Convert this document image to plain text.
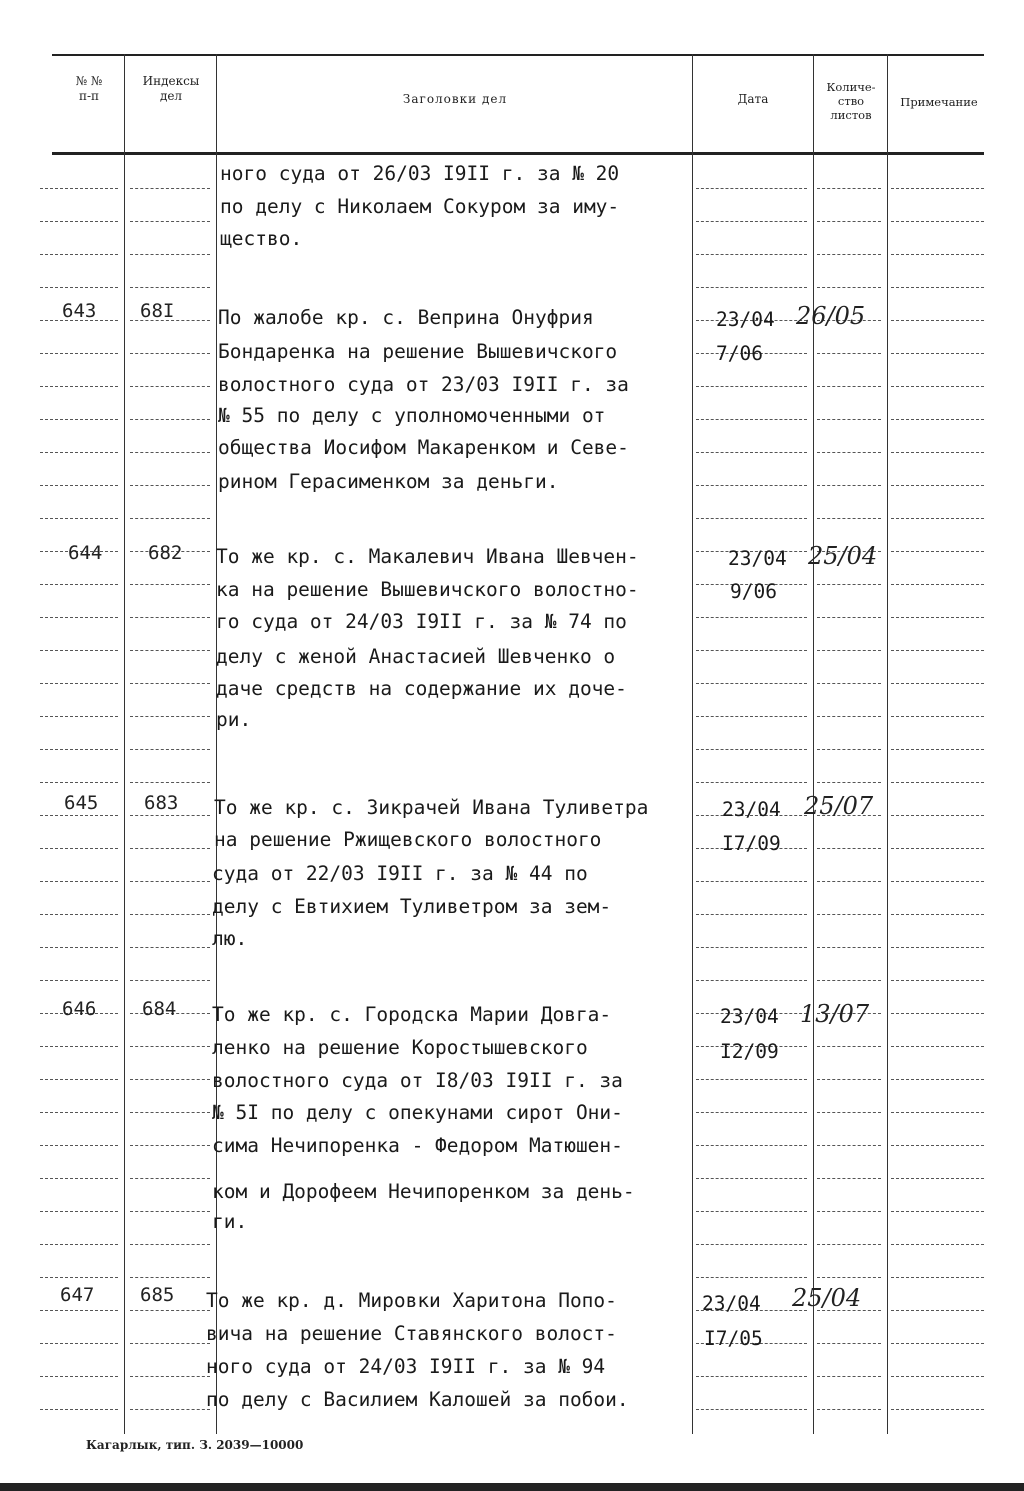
№ №
п-п
Индексы
дел	Заголовки дел	Дата
Количе-
ство
листов
Примечание
ного суда от 26/03 I9II г. за № 20
по делу с Николаем Сокуром за иму-
щество.
643 68I По жалобе кр. с. Веприна Онуфрия
Бондаренка на решение Вышевичского
волостного суда от 23/03 I9II г. за
№ 55 по делу с уполномоченными от
общества Иосифом Макаренком и Севе-
рином Герасименком за деньги.
23/04
7/06
26/05
644 682 То же кр. с. Макалевич Ивана Шевчен-
ка на решение Вышевичского волостно-
го суда от 24/03 I9II г. за № 74 по
делу с женой Анастасией Шевченко о
даче средств на содержание их доче-
ри.
23/04
9/06
25/04
645 683 То же кр. с. Зикрачей Ивана Туливетра
на решение Ржищевского волостного
суда от 22/03 I9II г. за № 44 по
делу с Евтихием Туливетром за зем-
лю.
23/04
I7/09
25/07
646 684 То же кр. с. Городска Марии Довга-
ленко на решение Коростышевского
волостного суда от I8/03 I9II г. за
№ 5I по делу с опекунами сирот Они-
сима Нечипоренка - Федором Матюшен-
ком и Дорофеем Нечипоренком за день-
ги.
23/04
I2/09
13/07
647 685 То же кр. д. Мировки Харитона Попо-
вича на решение Ставянского волост-
ного суда от 24/03 I9II г. за № 94
по делу с Василием Калошей за побои.
23/04
I7/05
25/04
Кагарлык, тип. З. 2039—10000
